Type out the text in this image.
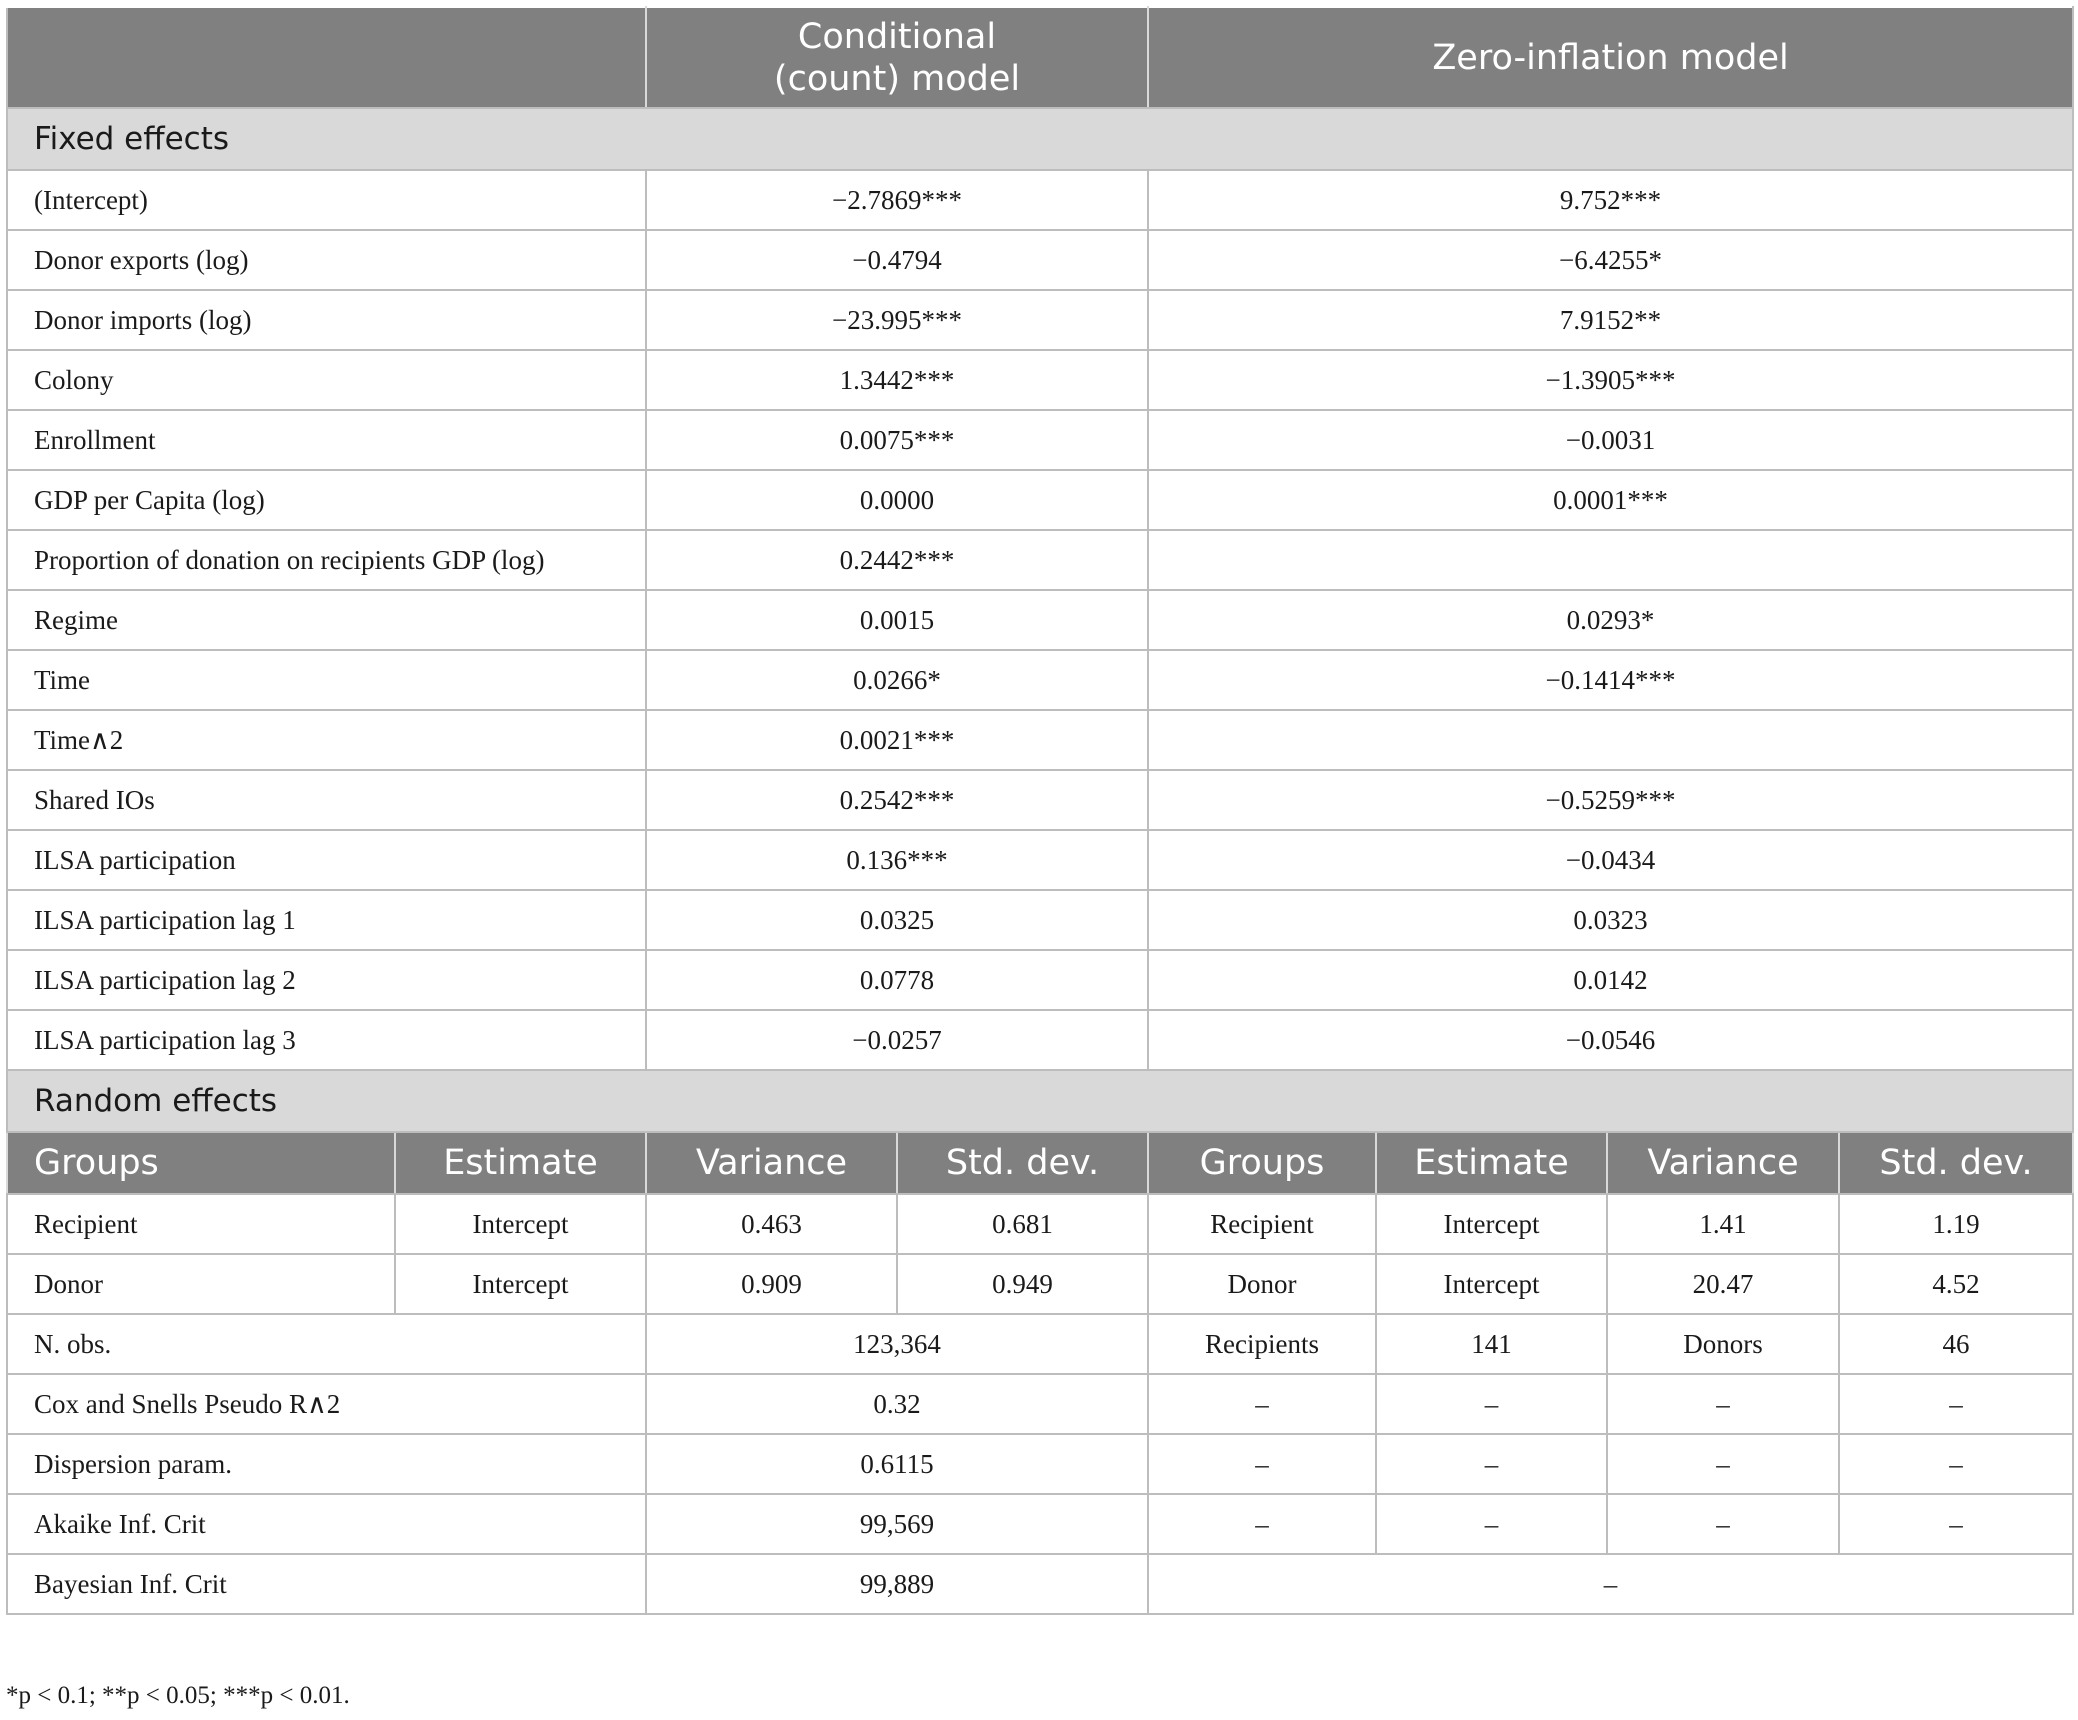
		Conditional (count) model		Zero-inflation model			
Fixed effects							
(Intercept)		−2.7869***		9.752***			
Donor exports (log)		−0.4794		−6.4255*			
Donor imports (log)		−23.995***		7.9152**			
Colony		1.3442***		−1.3905***			
Enrollment		0.0075***		−0.0031			
GDP per Capita (log)		0.0000		0.0001***			
Proportion of donation on recipients GDP (log)		0.2442***					
Regime		0.0015		0.0293*			
Time		0.0266*		−0.1414***			
Time∧2		0.0021***					
Shared IOs		0.2542***		−0.5259***			
ILSA participation		0.136***		−0.0434			
ILSA participation lag 1		0.0325		0.0323			
ILSA participation lag 2		0.0778		0.0142			
ILSA participation lag 3		−0.0257		−0.0546			
Random effects							
Groups	Estimate	Variance	Std. dev.	Groups	Estimate	Variance	Std. dev.
Recipient	Intercept	0.463	0.681	Recipient	Intercept	1.41	1.19
Donor	Intercept	0.909	0.949	Donor	Intercept	20.47	4.52
N. obs.		123,364		Recipients	141	Donors	46
Cox and Snells Pseudo R∧2		0.32		–	–	–	–
Dispersion param.		0.6115		–	–	–	–
Akaike Inf. Crit		99,569		–	–	–	–
Bayesian Inf. Crit		99,889		–			
*p < 0.1; **p < 0.05; ***p < 0.01.
